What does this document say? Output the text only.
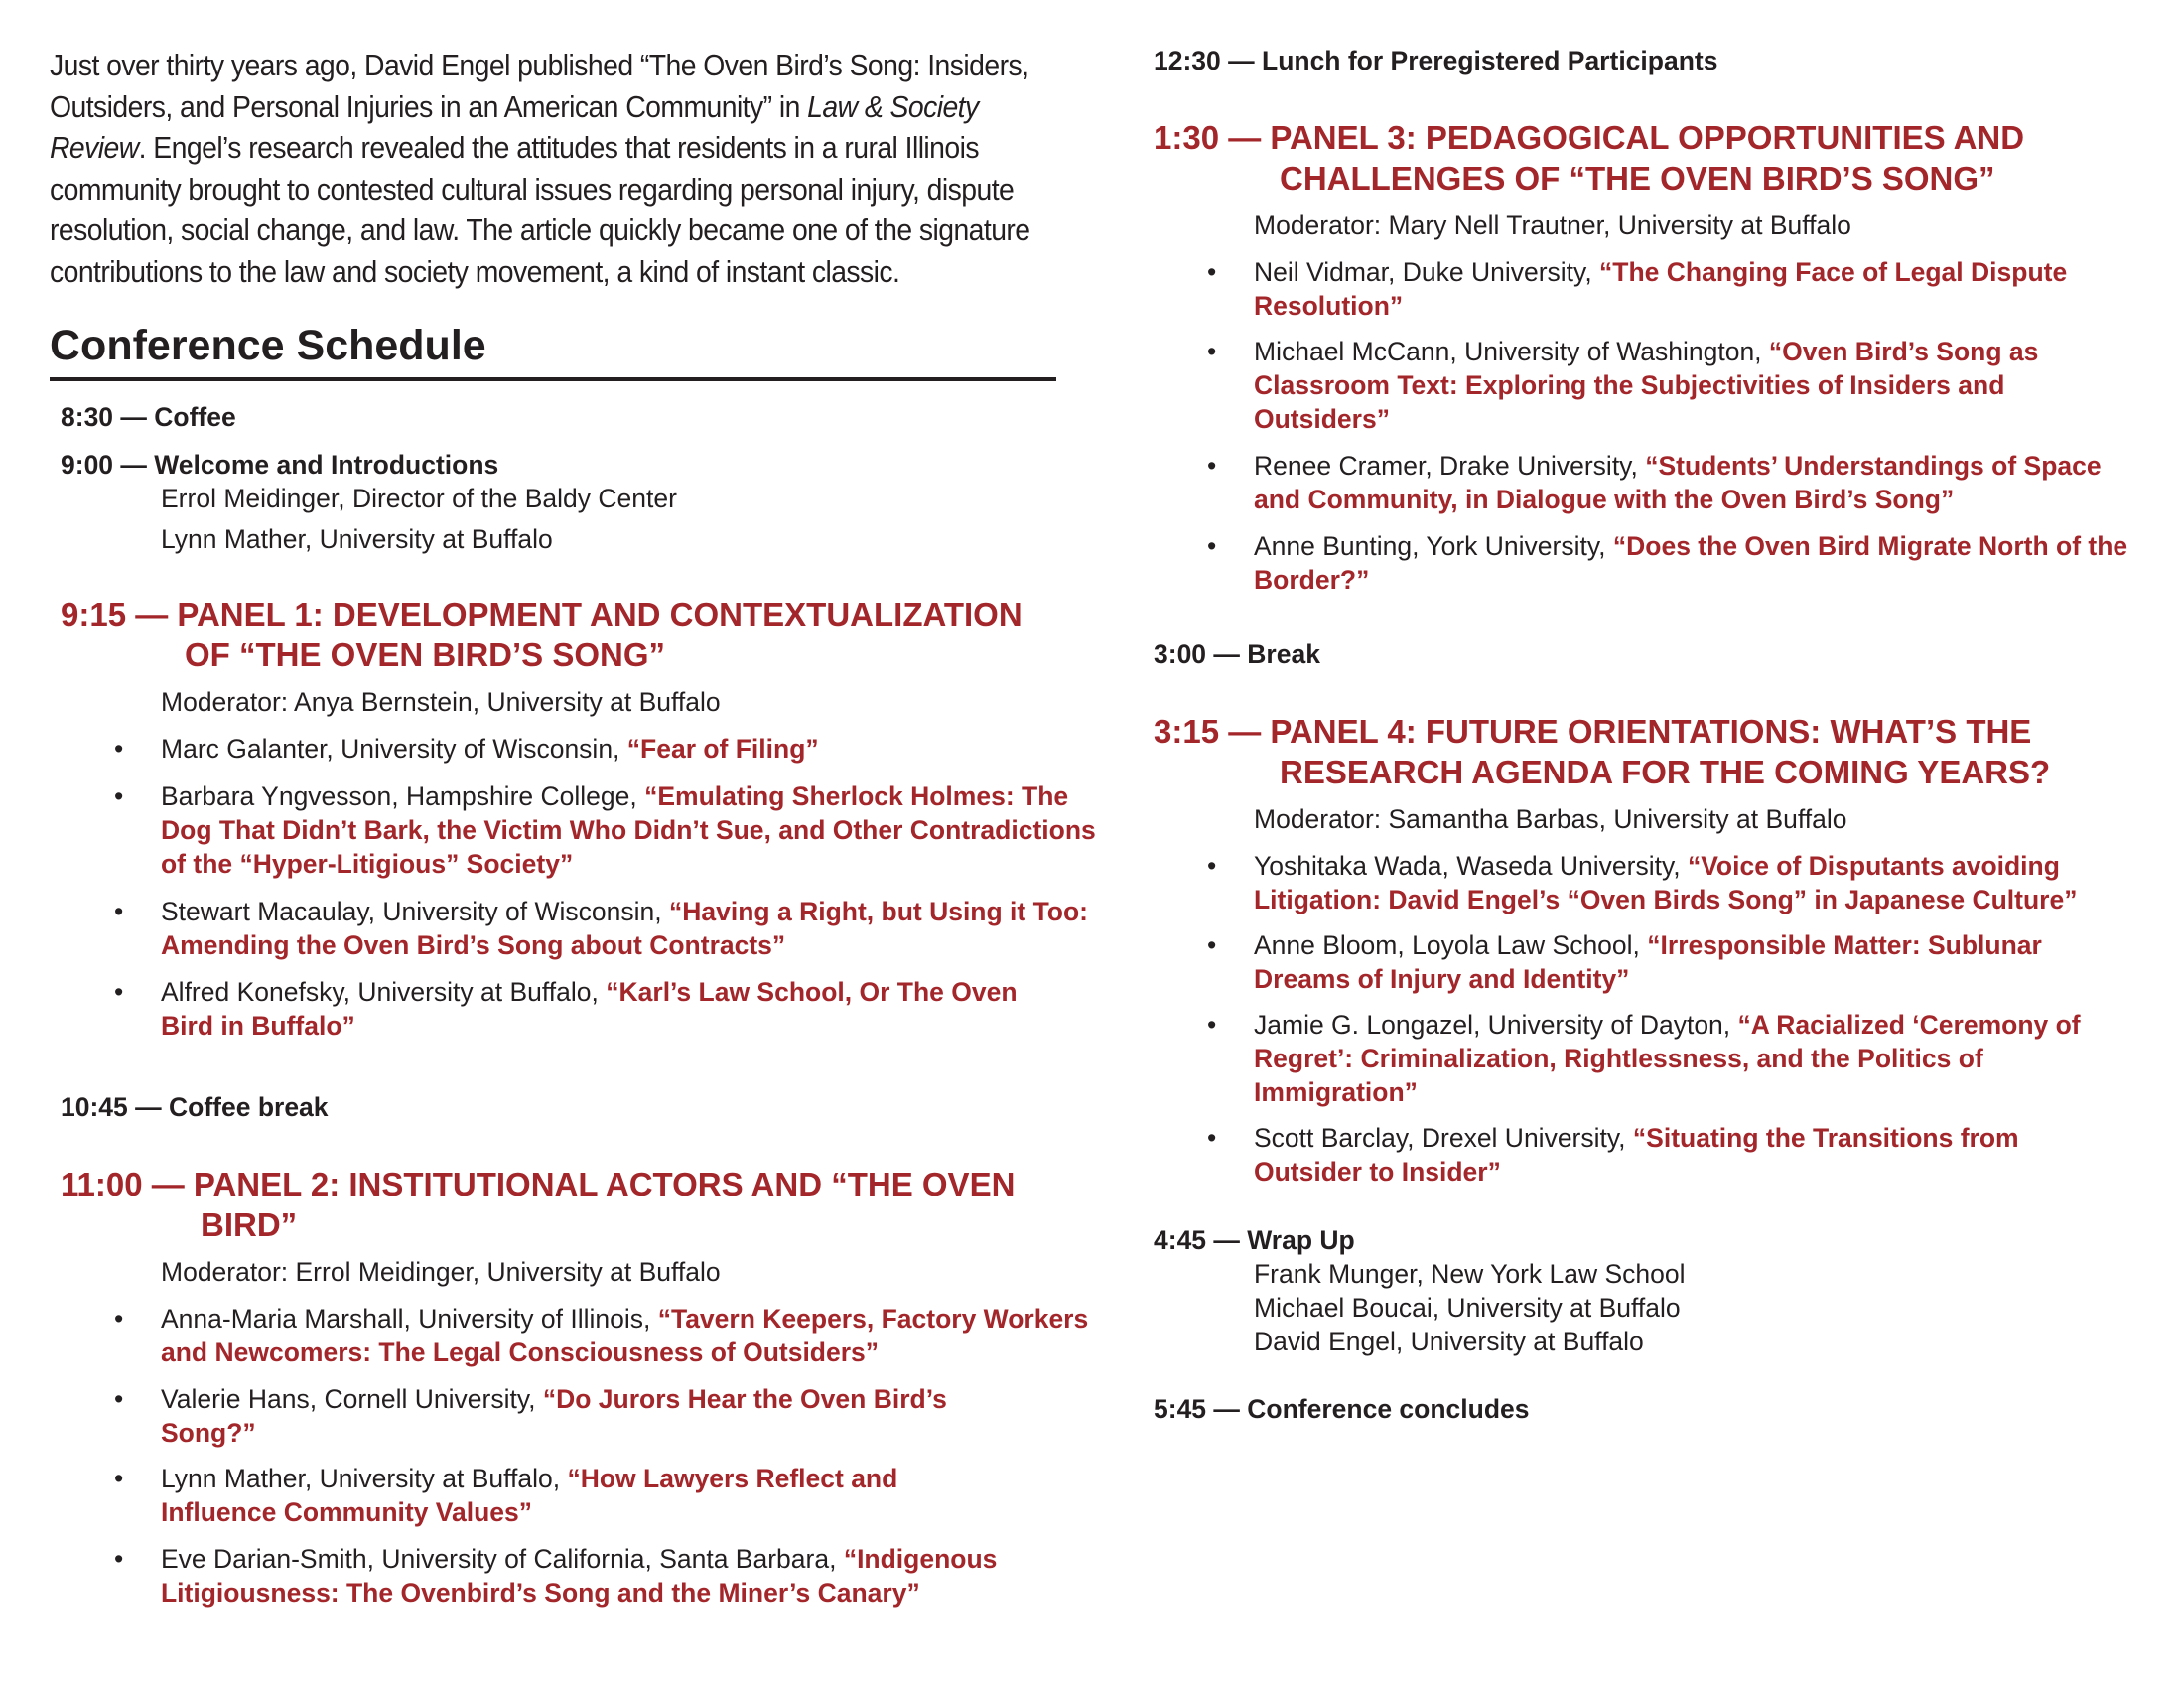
Just over thirty years ago, David Engel published “The Oven Bird’s Song: Insiders, Outsiders, and Personal Injuries in an American Community” in Law & Society Review. Engel’s research revealed the attitudes that residents in a rural Illinois community brought to contested cultural issues regarding personal injury, dispute resolution, social change, and law. The article quickly became one of the signature contributions to the law and society movement, a kind of instant classic.

Conference Schedule
8:30 — Coffee
9:00 — Welcome and Introductions
Errol Meidinger, Director of the Baldy Center
Lynn Mather, University at Buffalo
9:15 — PANEL 1: DEVELOPMENT AND CONTEXTUALIZATION
OF “THE OVEN BIRD’S SONG”
Moderator: Anya Bernstein, University at Buffalo
• Marc Galanter, University of Wisconsin, “Fear of Filing”
• Barbara Yngvesson, Hampshire College, “Emulating Sherlock Holmes: The Dog That Didn’t Bark, the Victim Who Didn’t Sue, and Other Contradictions of the “Hyper-Litigious” Society”
• Stewart Macaulay, University of Wisconsin, “Having a Right, but Using it Too: Amending the Oven Bird’s Song about Contracts”
• Alfred Konefsky, University at Buffalo, “Karl’s Law School, Or The Oven Bird in Buffalo”
10:45 — Coffee break
11:00 — PANEL 2: INSTITUTIONAL ACTORS AND “THE OVEN
BIRD”
Moderator: Errol Meidinger, University at Buffalo
• Anna-Maria Marshall, University of Illinois, “Tavern Keepers, Factory Workers and Newcomers: The Legal Consciousness of Outsiders”
• Valerie Hans, Cornell University, “Do Jurors Hear the Oven Bird’s Song?”
• Lynn Mather, University at Buffalo, “How Lawyers Reflect and Influence Community Values”
• Eve Darian-Smith, University of California, Santa Barbara, “Indigenous Litigiousness: The Ovenbird’s Song and the Miner’s Canary”
12:30 — Lunch for Preregistered Participants
1:30 — PANEL 3: PEDAGOGICAL OPPORTUNITIES AND
CHALLENGES OF “THE OVEN BIRD’S SONG”
Moderator: Mary Nell Trautner, University at Buffalo
• Neil Vidmar, Duke University, “The Changing Face of Legal Dispute Resolution”
• Michael McCann, University of Washington, “Oven Bird’s Song as Classroom Text: Exploring the Subjectivities of Insiders and Outsiders”
• Renee Cramer, Drake University, “Students’ Understandings of Space and Community, in Dialogue with the Oven Bird’s Song”
• Anne Bunting, York University, “Does the Oven Bird Migrate North of the Border?”
3:00 — Break
3:15 — PANEL 4: FUTURE ORIENTATIONS: WHAT’S THE
RESEARCH AGENDA FOR THE COMING YEARS?
Moderator: Samantha Barbas, University at Buffalo
• Yoshitaka Wada, Waseda University, “Voice of Disputants avoiding Litigation: David Engel’s “Oven Birds Song” in Japanese Culture”
• Anne Bloom, Loyola Law School, “Irresponsible Matter: Sublunar Dreams of Injury and Identity”
• Jamie G. Longazel, University of Dayton, “A Racialized ‘Ceremony of Regret’: Criminalization, Rightlessness, and the Politics of Immigration”
• Scott Barclay, Drexel University, “Situating the Transitions from Outsider to Insider”
4:45 — Wrap Up
Frank Munger, New York Law School
Michael Boucai, University at Buffalo
David Engel, University at Buffalo
5:45 — Conference concludes
